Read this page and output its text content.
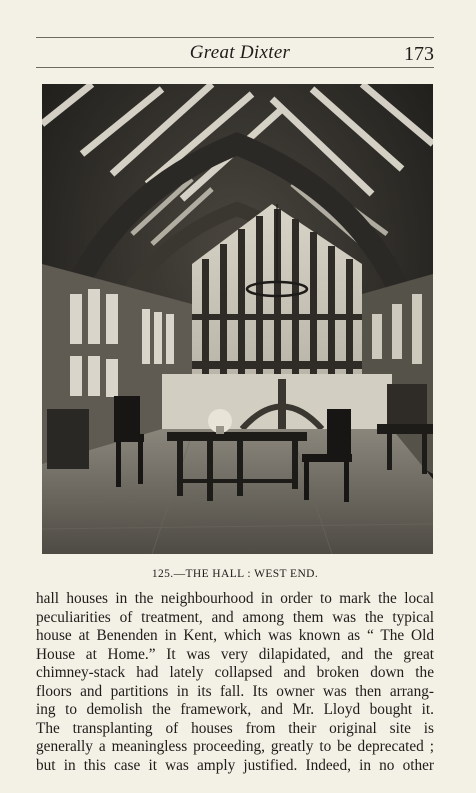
Great Dixter	173
125.—THE HALL : WEST END.
hall houses in the neighbourhood in order to mark the local
peculiarities of treatment, and among them was the typical
house at Benenden in Kent, which was known as “ The Old
House at Home.” It was very dilapidated, and the great
chimney-stack had lately collapsed and broken down the
floors and partitions in its fall. Its owner was then arrang-
ing to demolish the framework, and Mr. Lloyd bought it.
The transplanting of houses from their original site is
generally a meaningless proceeding, greatly to be deprecated ;
but in this case it was amply justified. Indeed, in no other
